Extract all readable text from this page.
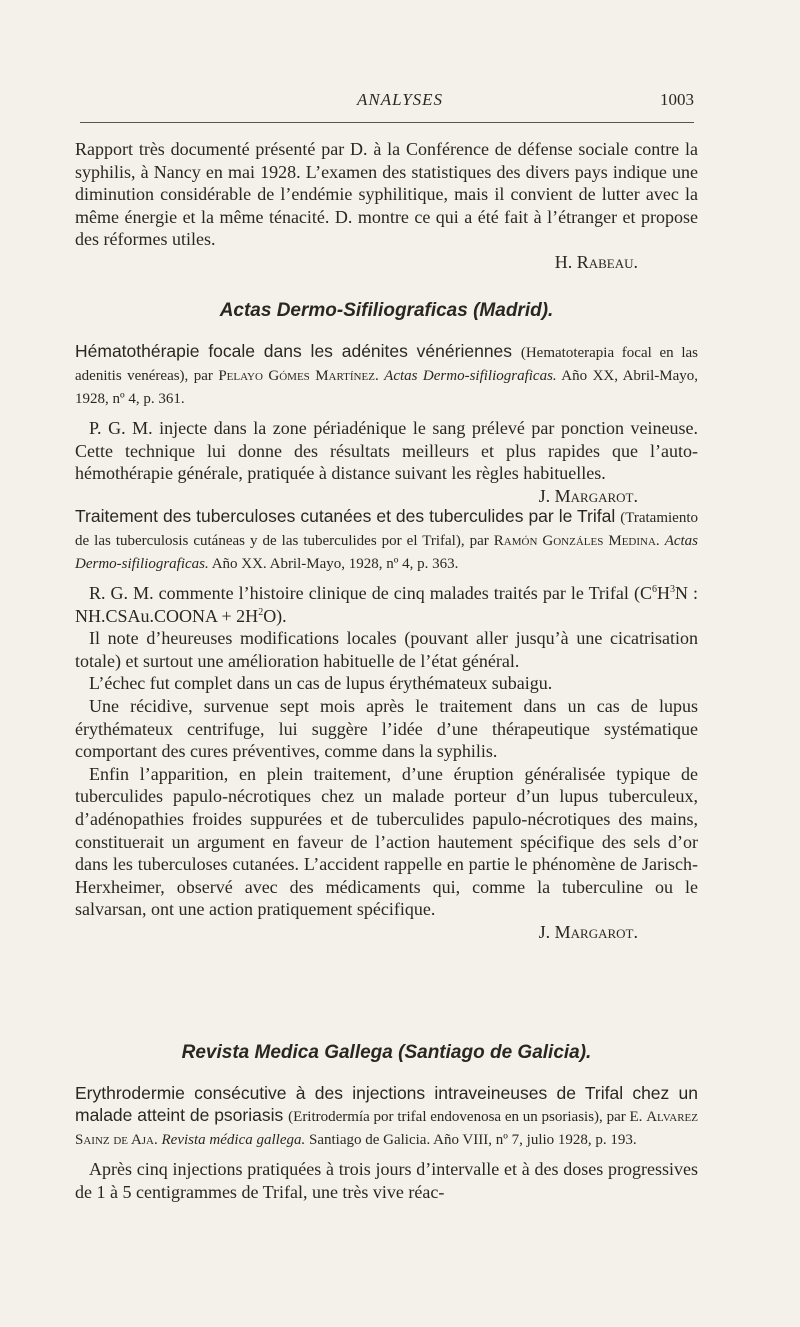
ANALYSES	1003

Rapport très documenté présenté par D. à la Conférence de défense sociale contre la syphilis, à Nancy en mai 1928. L’examen des statistiques des divers pays indique une diminution considérable de l’endémie syphilitique, mais il convient de lutter avec la même énergie et la même ténacité. D. montre ce qui a été fait à l’étranger et propose des réformes utiles.

H. Rabeau.

Actas Dermo-Sifiliograficas (Madrid).

Hématothérapie focale dans les adénites vénériennes (Hematoterapia focal en las adenitis venéreas), par Pelayo Gómes Martínez. Actas Dermo-sifiliograficas. Año XX, Abril-Mayo, 1928, nº 4, p. 361.

P. G. M. injecte dans la zone périadénique le sang prélevé par ponction veineuse. Cette technique lui donne des résultats meilleurs et plus rapides que l’auto-hémothérapie générale, pratiquée à distance suivant les règles habituelles.

J. Margarot.

Traitement des tuberculoses cutanées et des tuberculides par le Trifal (Tratamiento de las tuberculosis cutáneas y de las tuberculides por el Trifal), par Ramón Gonzáles Medina. Actas Dermo-sifiliograficas. Año XX. Abril-Mayo, 1928, nº 4, p. 363.

R. G. M. commente l’histoire clinique de cinq malades traités par le Trifal ($C^6H^3N$ : NH.CSAu.COONA + $2H^2O$).

Il note d’heureuses modifications locales (pouvant aller jusqu’à une cicatrisation totale) et surtout une amélioration habituelle de l’état général.

L’échec fut complet dans un cas de lupus érythémateux subaigu.

Une récidive, survenue sept mois après le traitement dans un cas de lupus érythémateux centrifuge, lui suggère l’idée d’une thérapeutique systématique comportant des cures préventives, comme dans la syphilis.

Enfin l’apparition, en plein traitement, d’une éruption généralisée typique de tuberculides papulo-nécrotiques chez un malade porteur d’un lupus tuberculeux, d’adénopathies froides suppurées et de tuberculides papulo-nécrotiques des mains, constituerait un argument en faveur de l’action hautement spécifique des sels d’or dans les tuberculoses cutanées. L’accident rappelle en partie le phénomène de Jarisch-Herxheimer, observé avec des médicaments qui, comme la tuberculine ou le salvarsan, ont une action pratiquement spécifique.

J. Margarot.

Revista Medica Gallega (Santiago de Galicia).

Erythrodermie consécutive à des injections intraveineuses de Trifal chez un malade atteint de psoriasis (Eritrodermía por trifal endovenosa en un psoriasis), par E. Alvarez Sainz de Aja. Revista médica gallega. Santiago de Galicia. Año VIII, nº 7, julio 1928, p. 193.

Après cinq injections pratiquées à trois jours d’intervalle et à des doses progressives de 1 à 5 centigrammes de Trifal, une très vive réac-
